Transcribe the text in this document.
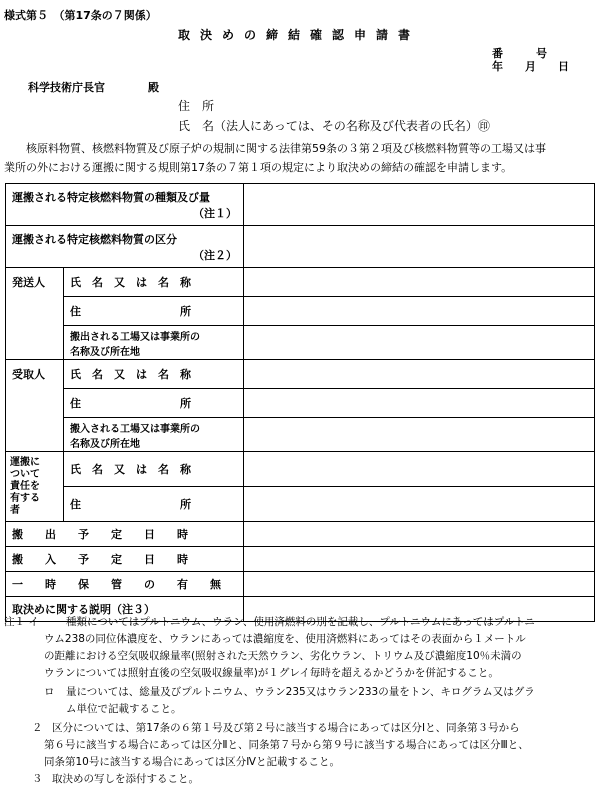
様式第５　（第17条の７関係）
取決めの締結確認申請書
番　　　号
年　　月　　日
科学技術庁長官	殿
住　所
氏　名（法人にあっては、その名称及び代表者の氏名）㊞
核原料物質、核燃料物質及び原子炉の規制に関する法律第59条の３第２項及び核燃料物質等の工場又は事
業所の外における運搬に関する規則第17条の７第１項の規定により取決めの締結の確認を申請します。
運搬される特定核燃料物質の種類及び量
（注１）		

運搬される特定核燃料物質の区分
（注２）		

発送人	氏　名　又　は　名　称	
	住　　　　　　　　　所	

	搬出される工場又は事業所の
名称及び所在地	

受取人	氏　名　又　は　名　称	
	住　　　　　　　　　所	

	搬入される工場又は事業所の
名称及び所在地	

運搬に
ついて
責任を
有する
者	氏　名　又　は　名　称	
	住　　　　　　　　　所	
搬　　出　　予　　定　　日　　時		
搬　　入　　予　　定　　日　　時		
一　　時　　保　　管　　の　　有　　無		
取決めに関する説明（注３）		
注１ イ	種類についてはプルトニウム、ウラン、使用済燃料の別を記載し、プルトニウムにあってはプルトニ
ウム238の同位体濃度を、ウランにあっては濃縮度を、使用済燃料にあってはその表面から１メートル
の距離における空気吸収線量率(照射された天然ウラン、劣化ウラン、トリウム及び濃縮度10％未満の
ウランについては照射直後の空気吸収線量率)が１グレイ毎時を超えるかどうかを併記すること。
ロ 量については、総量及びプルトニウム、ウラン235又はウラン233の量をトン、キログラム又はグラ
ム単位で記載すること。
２ 区分については、第17条の６第１号及び第２号に該当する場合にあっては区分Ⅰと、同条第３号から
第６号に該当する場合にあっては区分Ⅱと、同条第７号から第９号に該当する場合にあっては区分Ⅲと、
同条第10号に該当する場合にあっては区分Ⅳと記載すること。
３ 取決めの写しを添付すること。
